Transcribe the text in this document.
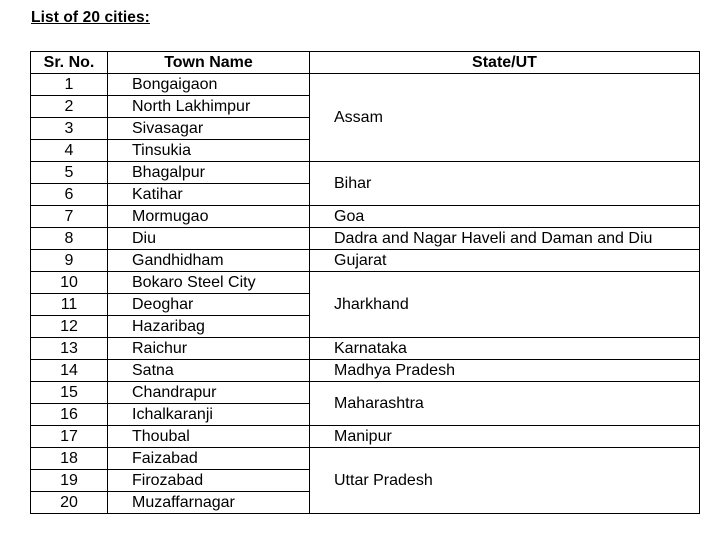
List of 20 cities:
Sr. No.	Town Name	State/UT
1	Bongaigaon	Assam
2	North Lakhimpur	
3	Sivasagar	
4	Tinsukia	
5	Bhagalpur	Bihar
6	Katihar	
7	Mormugao	Goa
8	Diu	Dadra and Nagar Haveli and Daman and Diu
9	Gandhidham	Gujarat
10	Bokaro Steel City	Jharkhand
11	Deoghar	
12	Hazaribag	
13	Raichur	Karnataka
14	Satna	Madhya Pradesh
15	Chandrapur	Maharashtra
16	Ichalkaranji	
17	Thoubal	Manipur
18	Faizabad	Uttar Pradesh
19	Firozabad	
20	Muzaffarnagar	
